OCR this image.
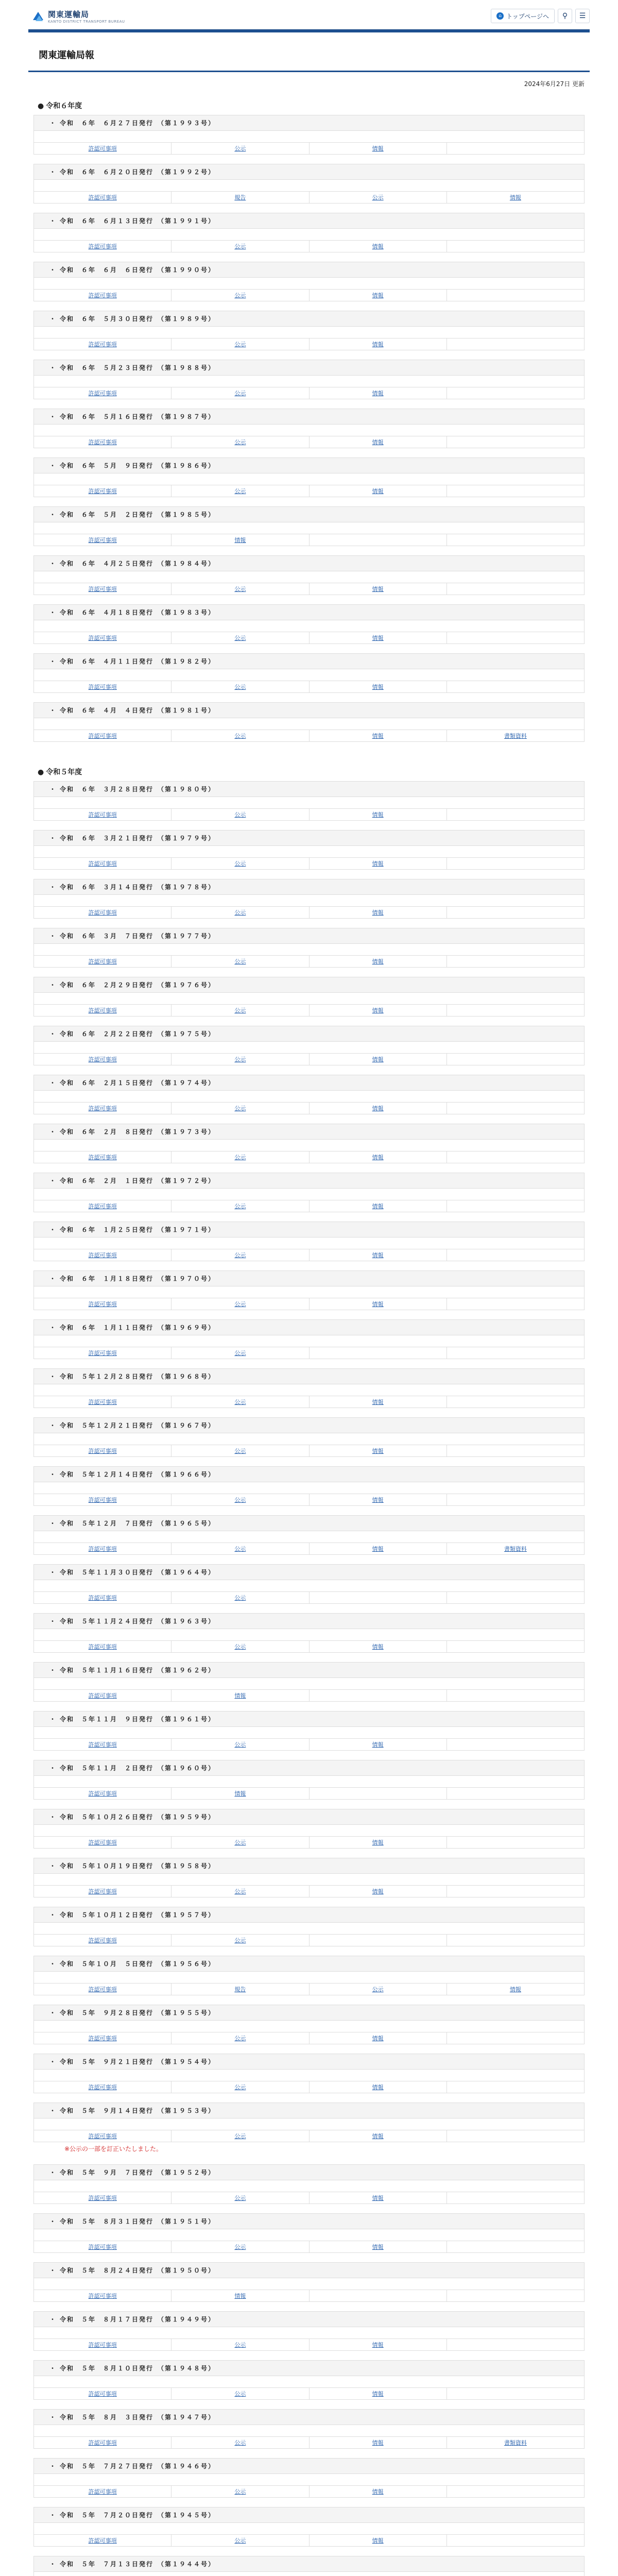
関東運輸局
KANTO DISTRICT TRANSPORT BUREAU
⌂ トップページへ ⚲ ☰
関東運輸局報
2024年6月27日 更新
● 令和６年度
・ 令和　６年　６月２７日発行　（第１９９３号）
許認可事項	公示	情報	
・ 令和　６年　６月２０日発行　（第１９９２号）
許認可事項	規告	公示	情報
・ 令和　６年　６月１３日発行　（第１９９１号）
許認可事項	公示	情報	
・ 令和　６年　６月　６日発行　（第１９９０号）
許認可事項	公示	情報	
・ 令和　６年　５月３０日発行　（第１９８９号）
許認可事項	公示	情報	
・ 令和　６年　５月２３日発行　（第１９８８号）
許認可事項	公示	情報	
・ 令和　６年　５月１６日発行　（第１９８７号）
許認可事項	公示	情報	
・ 令和　６年　５月　９日発行　（第１９８６号）
許認可事項	公示	情報	
・ 令和　６年　５月　２日発行　（第１９８５号）
許認可事項	情報		
・ 令和　６年　４月２５日発行　（第１９８４号）
許認可事項	公示	情報	
・ 令和　６年　４月１８日発行　（第１９８３号）
許認可事項	公示	情報	
・ 令和　６年　４月１１日発行　（第１９８２号）
許認可事項	公示	情報	
・ 令和　６年　４月　４日発行　（第１９８１号）
許認可事項	公示	情報	書類資料
● 令和５年度
・ 令和　６年　３月２８日発行　（第１９８０号）
許認可事項	公示	情報	
・ 令和　６年　３月２１日発行　（第１９７９号）
許認可事項	公示	情報	
・ 令和　６年　３月１４日発行　（第１９７８号）
許認可事項	公示	情報	
・ 令和　６年　３月　７日発行　（第１９７７号）
許認可事項	公示	情報	
・ 令和　６年　２月２９日発行　（第１９７６号）
許認可事項	公示	情報	
・ 令和　６年　２月２２日発行　（第１９７５号）
許認可事項	公示	情報	
・ 令和　６年　２月１５日発行　（第１９７４号）
許認可事項	公示	情報	
・ 令和　６年　２月　８日発行　（第１９７３号）
許認可事項	公示	情報	
・ 令和　６年　２月　１日発行　（第１９７２号）
許認可事項	公示	情報	
・ 令和　６年　１月２５日発行　（第１９７１号）
許認可事項	公示	情報	
・ 令和　６年　１月１８日発行　（第１９７０号）
許認可事項	公示	情報	
・ 令和　６年　１月１１日発行　（第１９６９号）
許認可事項	公示		
・ 令和　５年１２月２８日発行　（第１９６８号）
許認可事項	公示	情報	
・ 令和　５年１２月２１日発行　（第１９６７号）
許認可事項	公示	情報	
・ 令和　５年１２月１４日発行　（第１９６６号）
許認可事項	公示	情報	
・ 令和　５年１２月　７日発行　（第１９６５号）
許認可事項	公示	情報	書類資料
・ 令和　５年１１月３０日発行　（第１９６４号）
許認可事項	公示		
・ 令和　５年１１月２４日発行　（第１９６３号）
許認可事項	公示	情報	
・ 令和　５年１１月１６日発行　（第１９６２号）
許認可事項	情報		
・ 令和　５年１１月　９日発行　（第１９６１号）
許認可事項	公示	情報	
・ 令和　５年１１月　２日発行　（第１９６０号）
許認可事項	情報		
・ 令和　５年１０月２６日発行　（第１９５９号）
許認可事項	公示	情報	
・ 令和　５年１０月１９日発行　（第１９５８号）
許認可事項	公示	情報	
・ 令和　５年１０月１２日発行　（第１９５７号）
許認可事項	公示		
・ 令和　５年１０月　５日発行　（第１９５６号）
許認可事項	規告	公示	情報
・ 令和　５年　９月２８日発行　（第１９５５号）
許認可事項	公示	情報	
・ 令和　５年　９月２１日発行　（第１９５４号）
許認可事項	公示	情報	
・ 令和　５年　９月１４日発行　（第１９５３号）
許認可事項	公示	情報	
※公示の一部を訂正いたしました。
・ 令和　５年　９月　７日発行　（第１９５２号）
許認可事項	公示	情報	
・ 令和　５年　８月３１日発行　（第１９５１号）
許認可事項	公示	情報	
・ 令和　５年　８月２４日発行　（第１９５０号）
許認可事項	情報		
・ 令和　５年　８月１７日発行　（第１９４９号）
許認可事項	公示	情報	
・ 令和　５年　８月１０日発行　（第１９４８号）
許認可事項	公示	情報	
・ 令和　５年　８月　３日発行　（第１９４７号）
許認可事項	公示	情報	書類資料
・ 令和　５年　７月２７日発行　（第１９４６号）
許認可事項	公示	情報	
・ 令和　５年　７月２０日発行　（第１９４５号）
許認可事項	公示	情報	
・ 令和　５年　７月１３日発行　（第１９４４号）
